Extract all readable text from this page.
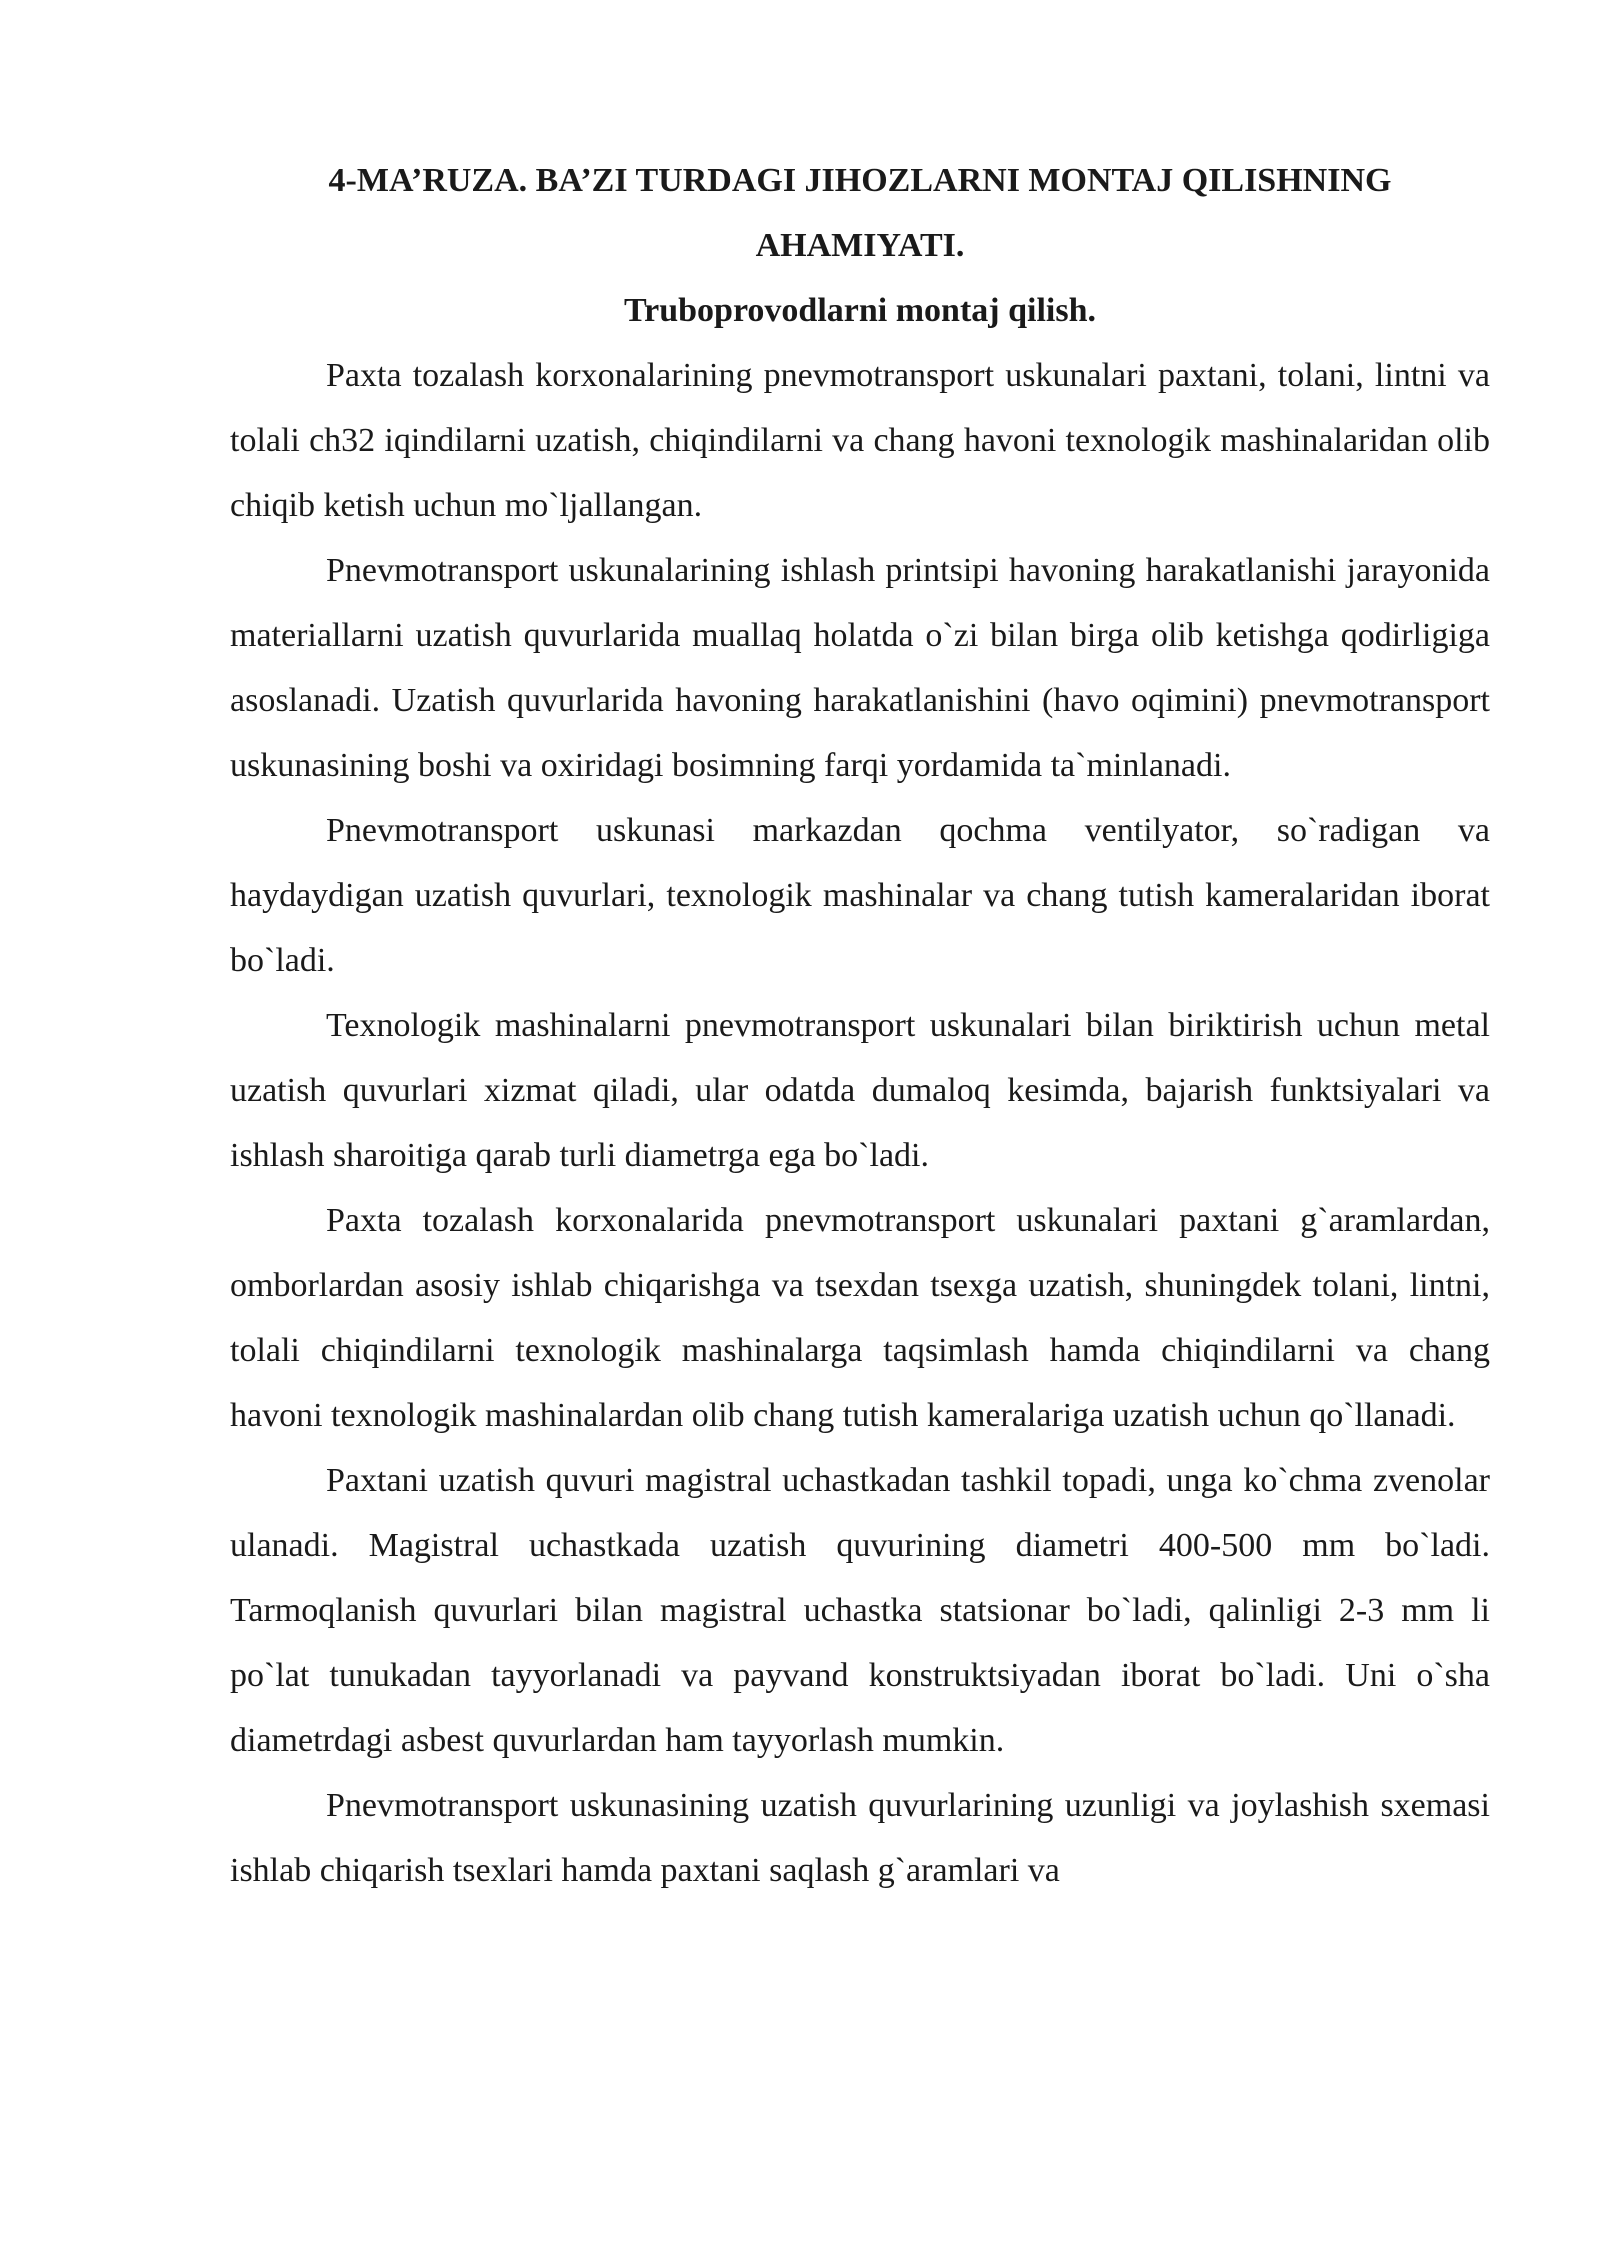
4-MA’RUZA. BA’ZI TURDAGI JIHOZLARNI MONTAJ QILISHNING AHAMIYATI.
Truboprovodlarni montaj qilish.

Paxta tozalash korxonalarining pnevmotransport uskunalari paxtani, tolani, lintni va tolali ch32 iqindilarni uzatish, chiqindilarni va chang havoni texnologik mashinalaridan olib chiqib ketish uchun mo`ljallangan.

Pnevmotransport uskunalarining ishlash printsipi havoning harakatlanishi jarayonida materiallarni uzatish quvurlarida muallaq holatda o`zi bilan birga olib ketishga qodirligiga asoslanadi. Uzatish quvurlarida havoning harakatlanishini (havo oqimini) pnevmotransport uskunasining boshi va oxiridagi bosimning farqi yordamida ta`minlanadi.

Pnevmotransport uskunasi markazdan qochma ventilyator, so`radigan va haydaydigan uzatish quvurlari, texnologik mashinalar va chang tutish kameralaridan iborat bo`ladi.

Texnologik mashinalarni pnevmotransport uskunalari bilan biriktirish uchun metal uzatish quvurlari xizmat qiladi, ular odatda dumaloq kesimda, bajarish funktsiyalari va ishlash sharoitiga qarab turli diametrga ega bo`ladi.

Paxta tozalash korxonalarida pnevmotransport uskunalari paxtani g`aramlardan, omborlardan asosiy ishlab chiqarishga va tsexdan tsexga uzatish, shuningdek tolani, lintni, tolali chiqindilarni texnologik mashinalarga taqsimlash hamda chiqindilarni va chang havoni texnologik mashinalardan olib chang tutish kameralariga uzatish uchun qo`llanadi.

Paxtani uzatish quvuri magistral uchastkadan tashkil topadi, unga ko`chma zvenolar ulanadi. Magistral uchastkada uzatish quvurining diametri 400-500 mm bo`ladi. Tarmoqlanish quvurlari bilan magistral uchastka statsionar bo`ladi, qalinligi 2-3 mm li po`lat tunukadan tayyorlanadi va payvand konstruktsiyadan iborat bo`ladi. Uni o`sha diametrdagi asbest quvurlardan ham tayyorlash mumkin.

Pnevmotransport uskunasining uzatish quvurlarining uzunligi va joylashish sxemasi ishlab chiqarish tsexlari hamda paxtani saqlash g`aramlari va
